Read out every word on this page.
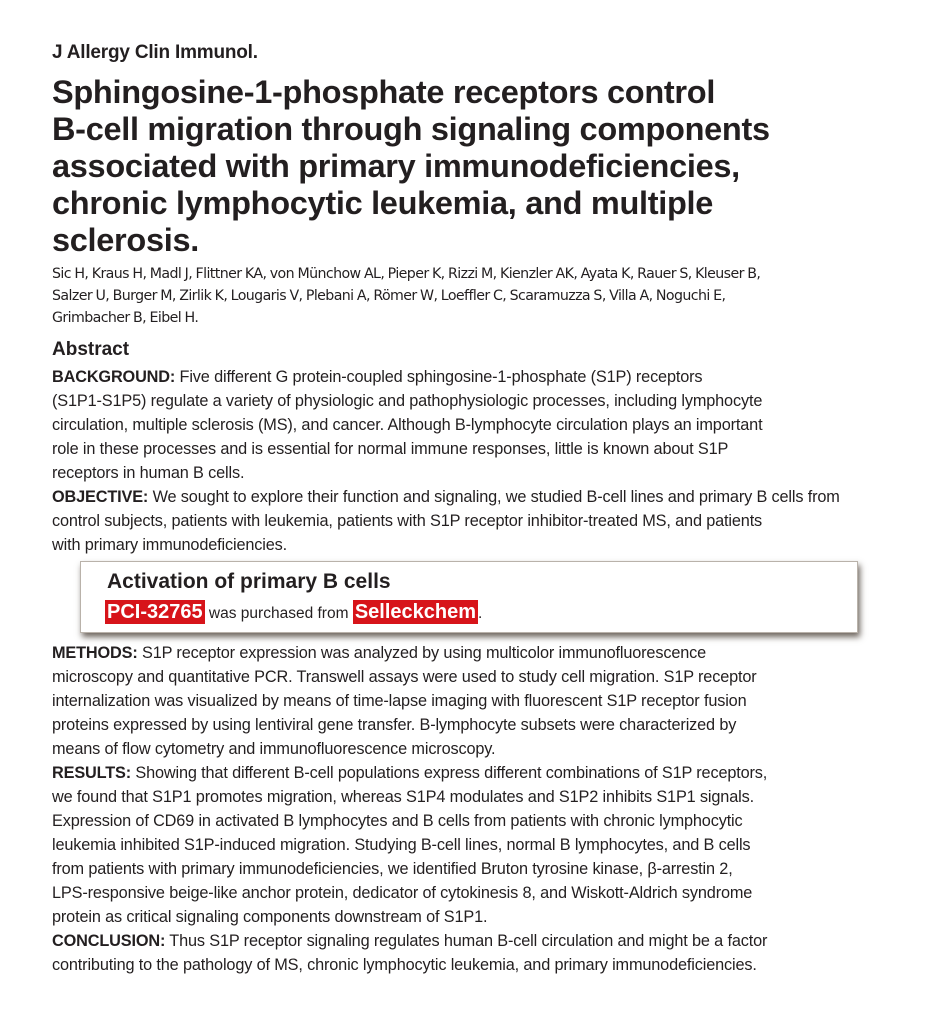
J Allergy Clin Immunol.
Sphingosine-1-phosphate receptors control
B-cell migration through signaling components
associated with primary immunodeficiencies,
chronic lymphocytic leukemia, and multiple
sclerosis.
Sic H, Kraus H, Madl J, Flittner KA, von Münchow AL, Pieper K, Rizzi M, Kienzler AK, Ayata K, Rauer S, Kleuser B,
Salzer U, Burger M, Zirlik K, Lougaris V, Plebani A, Römer W, Loeffler C, Scaramuzza S, Villa A, Noguchi E,
Grimbacher B, Eibel H.
Abstract
BACKGROUND: Five different G protein-coupled sphingosine-1-phosphate (S1P) receptors
(S1P1-S1P5) regulate a variety of physiologic and pathophysiologic processes, including lymphocyte
circulation, multiple sclerosis (MS), and cancer. Although B-lymphocyte circulation plays an important
role in these processes and is essential for normal immune responses, little is known about S1P
receptors in human B cells.
OBJECTIVE: We sought to explore their function and signaling, we studied B-cell lines and primary B cells from
control subjects, patients with leukemia, patients with S1P receptor inhibitor-treated MS, and patients
with primary immunodeficiencies.
Activation of primary B cells
PCI-32765 was purchased from Selleckchem .
METHODS: S1P receptor expression was analyzed by using multicolor immunofluorescence
microscopy and quantitative PCR. Transwell assays were used to study cell migration. S1P receptor
internalization was visualized by means of time-lapse imaging with fluorescent S1P receptor fusion
proteins expressed by using lentiviral gene transfer. B-lymphocyte subsets were characterized by
means of flow cytometry and immunofluorescence microscopy.
RESULTS: Showing that different B-cell populations express different combinations of S1P receptors,
we found that S1P1 promotes migration, whereas S1P4 modulates and S1P2 inhibits S1P1 signals.
Expression of CD69 in activated B lymphocytes and B cells from patients with chronic lymphocytic
leukemia inhibited S1P-induced migration. Studying B-cell lines, normal B lymphocytes, and B cells
from patients with primary immunodeficiencies, we identified Bruton tyrosine kinase, β-arrestin 2,
LPS-responsive beige-like anchor protein, dedicator of cytokinesis 8, and Wiskott-Aldrich syndrome
protein as critical signaling components downstream of S1P1.
CONCLUSION: Thus S1P receptor signaling regulates human B-cell circulation and might be a factor
contributing to the pathology of MS, chronic lymphocytic leukemia, and primary immunodeficiencies.
